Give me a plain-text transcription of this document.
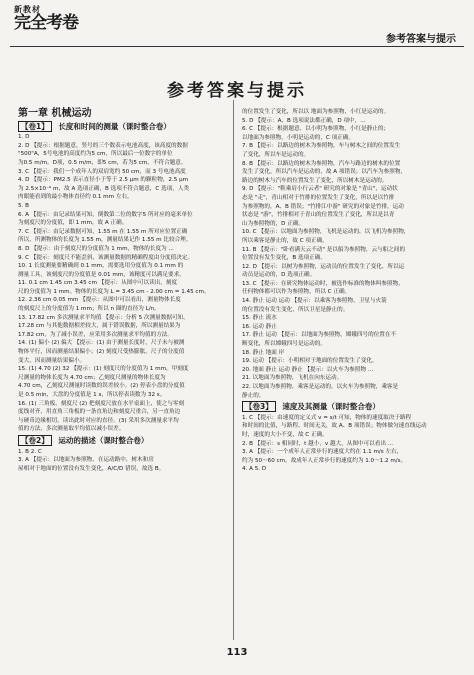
新教材
完全考卷
参考答案与提示
参考答案与提示
第一章 机械运动
【卷1】 长度和时间的测量（课时整合卷）
1. D
2. D 【提示：根据题意，竖号的三个数表示电池高度，该高度的数据
"500"A，5号电池的高度约为5 cm，所以最后一位数字的单位
为0.5 m/m。D项，0.5 m/m，即5 cm，若为5 cm，不符合题意。
3. C 【提示：我们一个成年人的双肩宽约 50 cm，而 3 号电池高度
4. D 【提示：PM2.5 表示直径小于等于 2.5 μm 的颗粒物，2.5 μm
为 2.5×10⁻⁶ m，故 A 选项正确，B 选项不符合题意，C 选项，人类
肉眼能看到的最小物体直径约 0.1 mm 左右。
5. B
6. A 【提示：由记录结果可知，倒数第二位的数字5 所对应的毫米单位
为刻度尺的分度值，即 1 mm，故 A 正确。
7. C 【提示：由记录数据可知，1.55 m 在 1.55 m 所对应位置正确
所以，所测物体的长度为 1.55 m，测量结果记作 1.55 m 比较合理。
8. D 【提示：由于刻度尺的分度值为 1 mm，物体的长度为 ...
9. C 【提示：刻度尺不能歪斜，该测量数据的精确程度由分度值决定。
10. 1 长度测量要精确到 0.1 mm，需要选用分度值为 0.1 mm 的
测量工具，该刻度尺的分度值是 0.01 mm，该精度可以满足要求。
11. 0.1 cm 1.45 cm 3.45 cm 【提示：从图中可以读出，刻度
尺的分度值为 1 mm。物体的长度为 L = 3.45 cm - 2.00 cm = 1.45 cm。
12. 2.36 cm 0.05 mm 【提示：从图中可以看出，测量物体长度
的刻度尺上的分度值为 1 mm；所以 n 圈的直径为 L/n。
13. 17.82 cm 多次测量求平均值 【提示：分析 5 次测量数据可知，
17.28 cm 与其他数据相差较大，属于错误数据，所以测量结果为
17.82 cm，为了减小误差，应采用多次测量求平均值的方法。
14. (1) 偏小 (2) 偏大 【提示：(1) 由于测量长度时，尺子未与被测
物体平行，因而测量结果偏小；(2) 刻度尺受热膨胀，尺子的分度值
变大，因而测量结果偏小。
15. (1) 4.70 (2) 32 【提示：(1) 刻度尺的分度值为 1 mm，甲刻度
尺测量的物体长度为 4.70 cm；乙刻度尺测量的物体长度为
4.70 cm，乙刻度尺测量时读数的误差较小。(2) 停表小盘的分度值
是 0.5 min，大盘的分度值是 1 s，所以停表读数为 32 s。
16. (1) 三角板、刻度尺 (2) 把刻度尺放在水平桌面上，使之与零刻
度线对齐，用直角三角板的一条直角边和刻度尺重合，另一直角边
与硬币边缘相切，读出此时对应的直径。(3) 采用多次测量求平均
值的方法，多次测量取平均值以减小误差。
【卷2】 运动的描述（课时整合卷）
1. B 2. C
3. A 【提示：以地面为参照物，在运动路中，树木和房
屋相对于地面的位置没有发生变化，A/C/D 错误，故选 B。
的位置发生了变化，所以以 地面为参照物，小红是运动的。
5. D 【提示：A、B 选项说法都正确，D 项中，...
6. C 【提示：根据题意，以小明为参照物，小红是静止的；
以地面为参照物，小明是运动的，C 项正确。
7. B 【提示：以路边的树木为参照物，车与树木之间的位置发生
了变化，所以车是运动的。
8. B 【提示：以路边的树木为参照物，汽车与路边的树木的位置
发生了变化，所以汽车是运动的，故 A 项错误；以汽车为参照物，
路边的树木与汽车的位置发生了变化，所以树木是运动的。
9. D 【提示："鞋乘肩小行云者" 研究的对象是 "青山"，运动状
态是 "走"，青山相对于竹排的位置发生了变化，所以是以竹排
为参照物的，A、B 错误；"竹排江中游" 研究的对象是竹排，运动
状态是 "游"，竹排相对于青山的位置发生了变化，所以是以青
山为参照物的，D 正确。
10. C 【提示：以地面为参照物，飞机是运动的，以飞机为参照物，
所以乘客是静止的，故 C 项正确。
11. B 【提示："卧看满天云不动" 是以船为参照物，云与船之间的
位置没有发生变化，B 选项正确。
12. D 【提示：以树为参照物，运动员的位置发生了变化，所以运
动员是运动的，D 选项正确。
13. C 【提示：在研究物体运动时，被选作标准的物体叫参照物，
任何物体都可以作为参照物，所以 C 正确。
14. 静止 运动 运动 【提示：以乘客为参照物，卫星与火箭
的位置没有发生变化，所以卫星是静止的。
15. 静止 流水
16. 运动 静止
17. 静止 运动 【提示：以地面为参照物，嫦娥四号的位置在不
断变化，所以嫦娥四号是运动的。
18. 静止 地面 岸
19. 运动 【提示：小明相对于地面的位置发生了变化。
20. 地面 静止 运动 静止 【提示：以火车为参照物 ...
21. 以地面为参照物，飞机在向东运动。
22. 以地面为参照物，乘客是运动的，以火车为参照物，乘客是
静止的。
【卷3】 速度及其测量（课时整合卷）
1. C 【提示：由速度的定义式 v = s/t 可知，物体的速度取决于路程
和时间的比值，与路程、时间无关，故 A、B 项错误；物体做匀速直线运动
时，速度的大小不变，故 C 正确。
2. B 【提示：s 相同时，t 越小，v 越大，从图中可以看出 ...
3. A 【提示：一个成年人正常步行的速度大约在 1.1 m/s 左右，
约为 50～60 cm，故成年人正常步行的速度约为 1.0～1.2 m/s。
4. A 5. D
113
